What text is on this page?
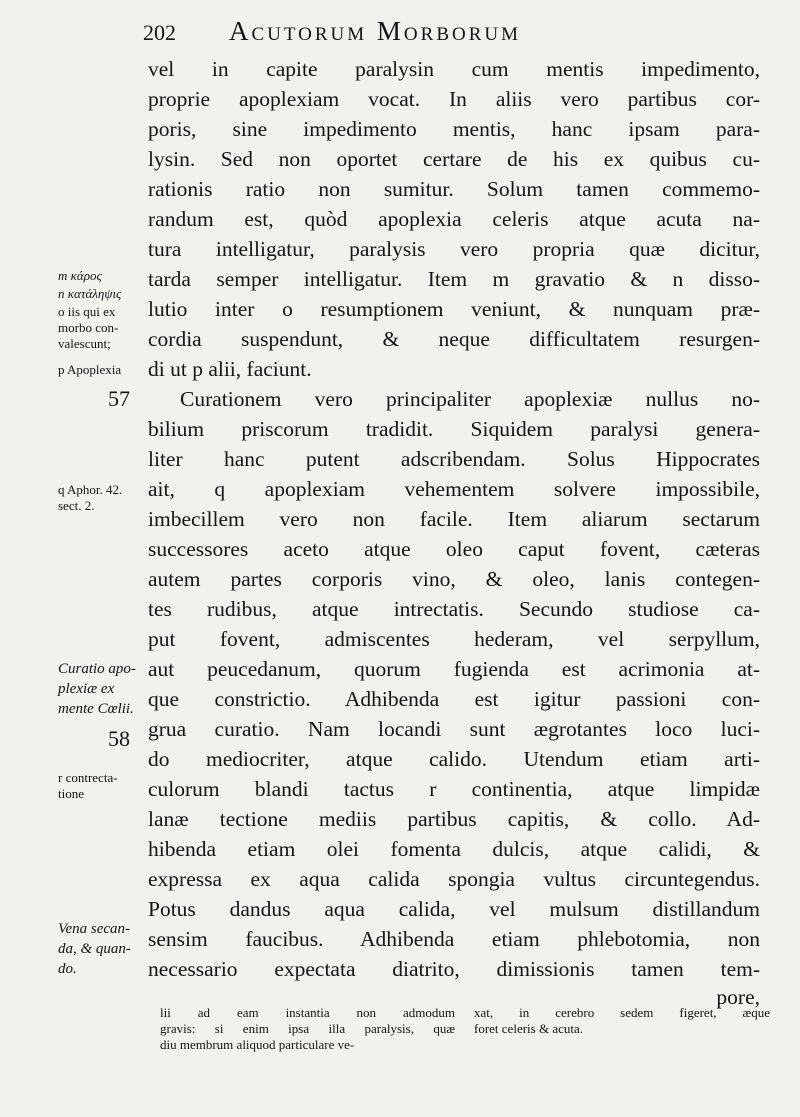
202 Acutorum Morborum
m κάρος
n κατάληψις
o iis qui ex
morbo con-
valescunt;
p Apoplexia
57
q Aphor. 42.
sect. 2.
Curatio apo-
plexiæ ex
mente Cœlii.
58
r contrecta-
tione
Vena secan-
da, & quan-
do.
vel in capite paralysin cum mentis impedimento,
proprie apoplexiam vocat. In aliis vero partibus cor-
poris, sine impedimento mentis, hanc ipsam para-
lysin. Sed non oportet certare de his ex quibus cu-
rationis ratio non sumitur. Solum tamen commemo-
randum est, quòd apoplexia celeris atque acuta na-
tura intelligatur, paralysis vero propria quæ dicitur,
tarda semper intelligatur. Item m gravatio & n disso-
lutio inter o resumptionem veniunt, & nunquam præ-
cordia suspendunt, & neque difficultatem resurgen-
di ut p alii, faciunt.
Curationem vero principaliter apoplexiæ nullus no-
bilium priscorum tradidit. Siquidem paralysi genera-
liter hanc putent adscribendam. Solus Hippocrates
ait, q apoplexiam vehementem solvere impossibile,
imbecillem vero non facile. Item aliarum sectarum
successores aceto atque oleo caput fovent, cæteras
autem partes corporis vino, & oleo, lanis contegen-
tes rudibus, atque intrectatis. Secundo studiose ca-
put fovent, admiscentes hederam, vel serpyllum,
aut peucedanum, quorum fugienda est acrimonia at-
que constrictio. Adhibenda est igitur passioni con-
grua curatio. Nam locandi sunt ægrotantes loco luci-
do mediocriter, atque calido. Utendum etiam arti-
culorum blandi tactus r continentia, atque limpidæ
lanæ tectione mediis partibus capitis, & collo. Ad-
hibenda etiam olei fomenta dulcis, atque calidi, &
expressa ex aqua calida spongia vultus circuntegendus.
Potus dandus aqua calida, vel mulsum distillandum
sensim faucibus. Adhibenda etiam phlebotomia, non
necessario expectata diatrito, dimissionis tamen tem-
pore,
lii ad eam instantia non admodum
gravis: si enim ipsa illa paralysis, quæ
diu membrum aliquod particulare ve-
xat, in cerebro sedem figeret, æque
foret celeris & acuta.
